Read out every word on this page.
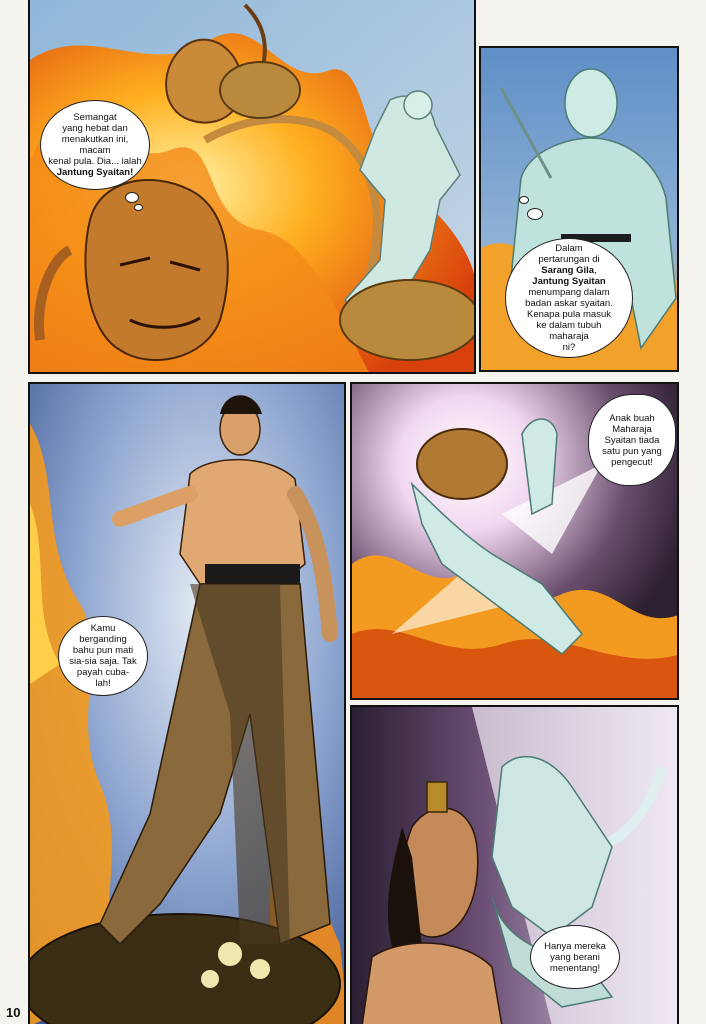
Semangat
yang hebat dan
menakutkan ini, macam
kenal pula. Dia... ialah
Jantung Syaitan!
Dalam
pertarungan di
Sarang Gila,
Jantung Syaitan
menumpang dalam
badan askar syaitan.
Kenapa pula masuk
ke dalam tubuh
maharaja
ni?
Kamu
berganding
bahu pun mati
sia-sia saja. Tak
payah cuba-
lah!
Anak buah
Maharaja
Syaitan tiada
satu pun yang
pengecut!
Hanya mereka
yang berani
menentang!
10
